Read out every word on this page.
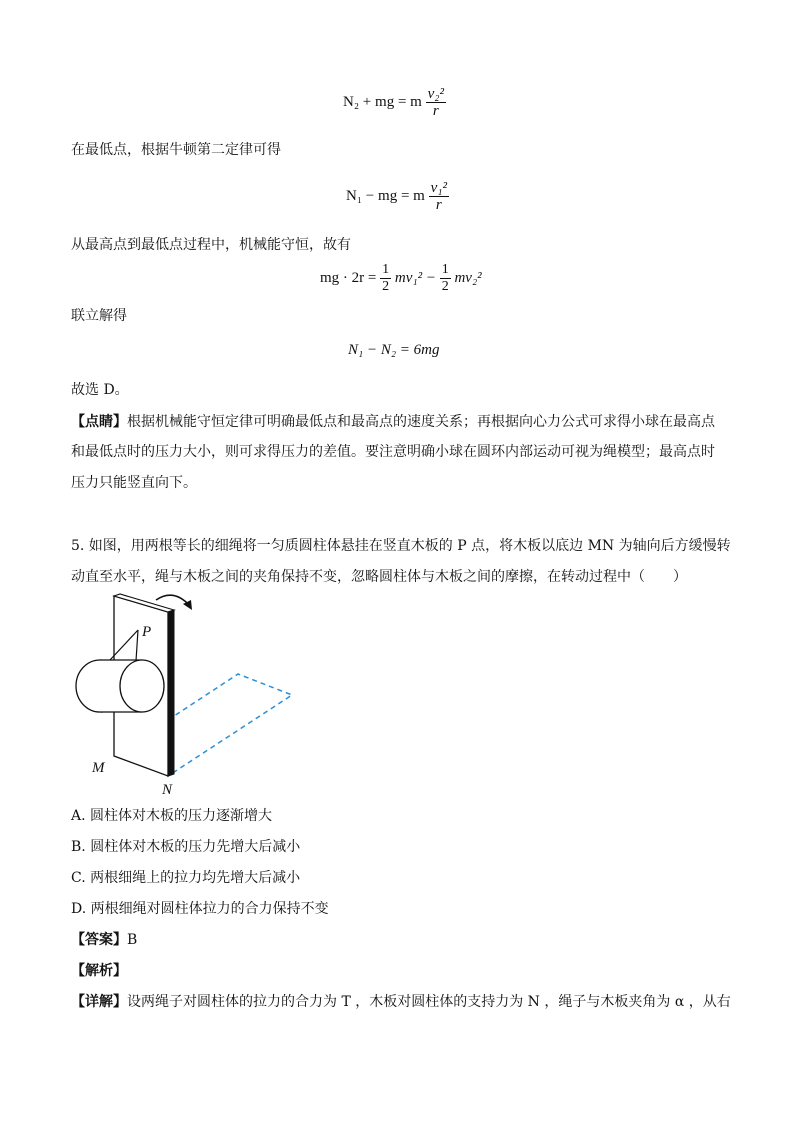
N₂ + mg = m $\frac{\text{v₂²}}{r}$
在最低点，根据牛顿第二定律可得
N₁ − mg = m $\frac{\text{v₁²}}{r}$
从最高点到最低点过程中，机械能守恒，故有
mg · $2r = \frac{1}{2} mv_1^2 - \frac{1}{2} mv_2^2$
联立解得
N₁ − N₂ = 6mg
故选 D。
【点睛】根据机械能守恒定律可明确最低点和最高点的速度关系；再根据向心力公式可求得小球在最高点
和最低点时的压力大小，则可求得压力的差值。要注意明确小球在圆环内部运动可视为绳模型；最高点时
压力只能竖直向下。
5. 如图，用两根等长的细绳将一匀质圆柱体悬挂在竖直木板的 P 点，将木板以底边 MN 为轴向后方缓慢转
动直至水平，绳与木板之间的夹角保持不变，忽略圆柱体与木板之间的摩擦，在转动过程中（　　）
P
M
N
A. 圆柱体对木板的压力逐渐增大
B. 圆柱体对木板的压力先增大后减小
C. 两根细绳上的拉力均先增大后减小
D. 两根细绳对圆柱体拉力的合力保持不变
【答案】B
【解析】
【详解】设两绳子对圆柱体的拉力的合力为 T ，木板对圆柱体的支持力为 N ，绳子与木板夹角为 α ，从右
